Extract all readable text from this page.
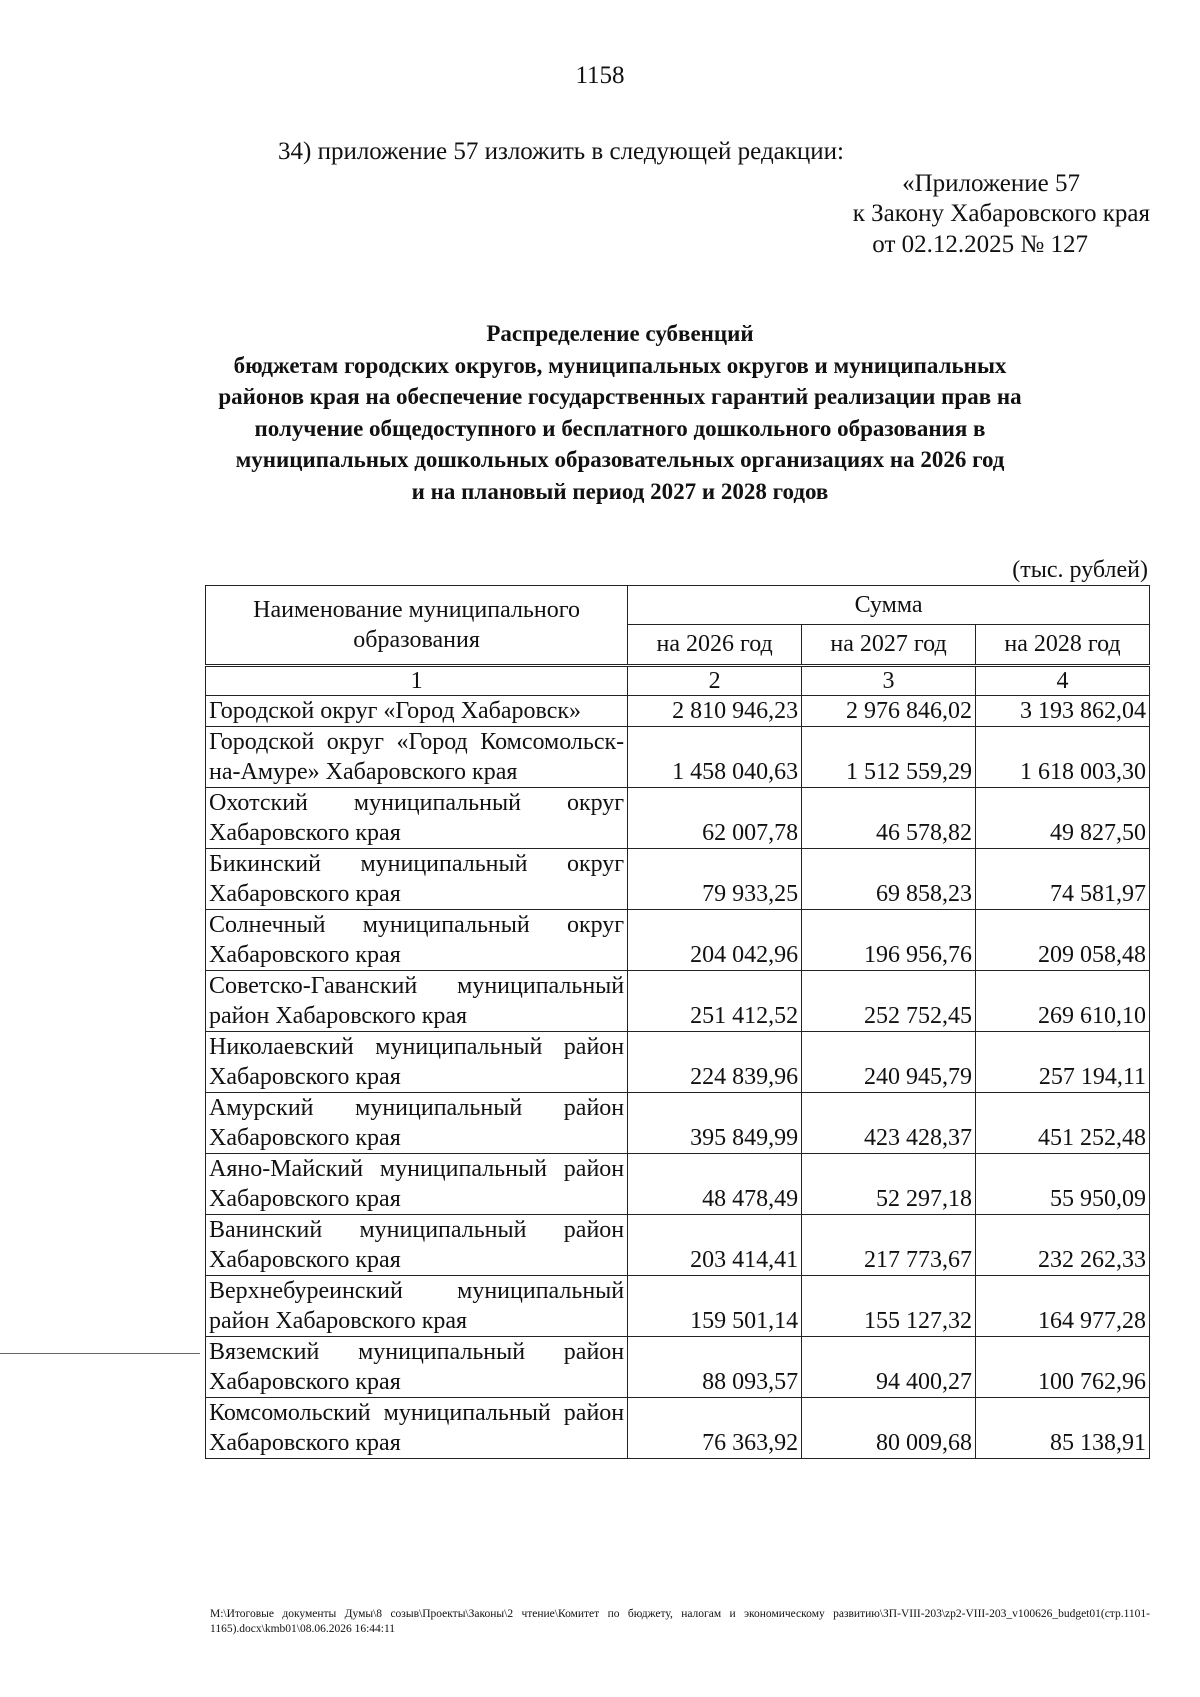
1158
34) приложение 57 изложить в следующей редакции:
«Приложение 57
к Закону Хабаровского края
от 02.12.2025 № 127
Распределение субвенций
бюджетам городских округов, муниципальных округов и муниципальных
районов края на обеспечение государственных гарантий реализации прав на
получение общедоступного и бесплатного дошкольного образования в
муниципальных дошкольных образовательных организациях на 2026 год
и на плановый период 2027 и 2028 годов
(тыс. рублей)
Наименование муниципального образования	Сумма		
	на 2026 год	на 2027 год	на 2028 год
1	2	3	4
Городской округ «Город Хабаровск»	2 810 946,23	2 976 846,02	3 193 862,04
Городской округ «Город Комсомольск-на-Амуре» Хабаровского края	1 458 040,63	1 512 559,29	1 618 003,30
Охотский муниципальный округ Хабаровского края	62 007,78	46 578,82	49 827,50
Бикинский муниципальный округ Хабаровского края	79 933,25	69 858,23	74 581,97
Солнечный муниципальный округ Хабаровского края	204 042,96	196 956,76	209 058,48
Советско-Гаванский муниципальный район Хабаровского края	251 412,52	252 752,45	269 610,10
Николаевский муниципальный район Хабаровского края	224 839,96	240 945,79	257 194,11
Амурский муниципальный район Хабаровского края	395 849,99	423 428,37	451 252,48
Аяно-Майский муниципальный район Хабаровского края	48 478,49	52 297,18	55 950,09
Ванинский муниципальный район Хабаровского края	203 414,41	217 773,67	232 262,33
Верхнебуреинский муниципальный район Хабаровского края	159 501,14	155 127,32	164 977,28
Вяземский муниципальный район Хабаровского края	88 093,57	94 400,27	100 762,96
Комсомольский муниципальный район Хабаровского края	76 363,92	80 009,68	85 138,91
M:\Итоговые документы Думы\8 созыв\Проекты\Законы\2 чтение\Комитет по бюджету, налогам и экономическому развитию\ЗП-VIII-203\zp2-VIII-203_v100626_budget01(стр.1101-1165).docx\kmb01\08.06.2026 16:44:11
